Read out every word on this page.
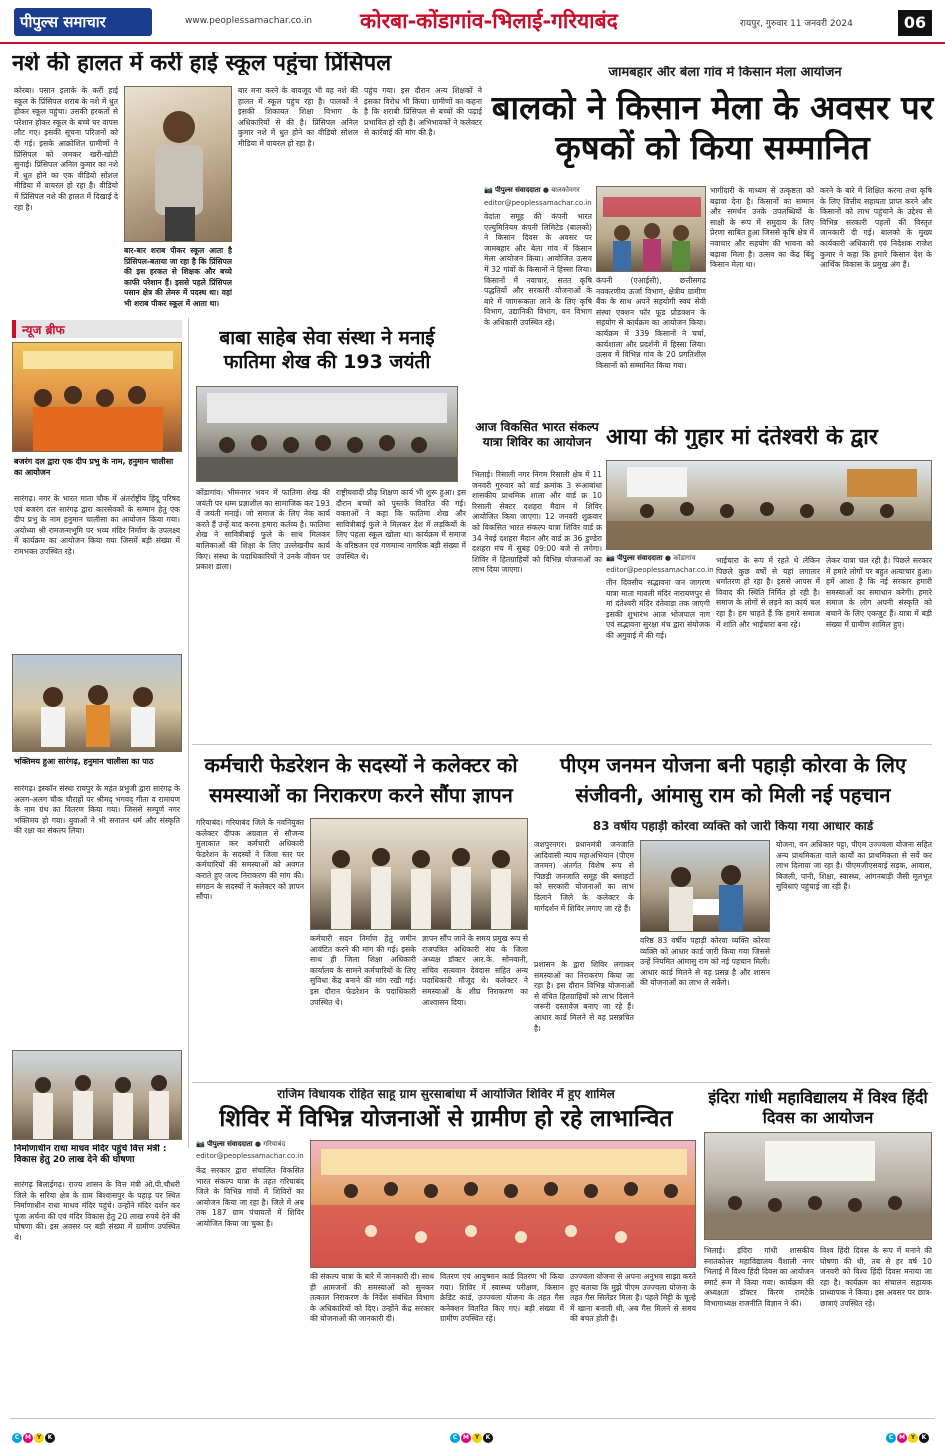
पीपुल्स समाचार	www.peoplessamachar.co.in कोरबा-कोंडागांव-भिलाई-गरियाबंद	रायपुर, गुरुवार 11 जनवरी 2024	06
नशे की हालत में कर्री हाई स्कूल पहुंचा प्रिंसिपल
कोरबा। पसान इलाके के कर्री हाई स्कूल के प्रिंसिपल शराब के नशे में धुत होकर स्कूल पहुंचा। उसकी हरकतों से परेशान होकर स्कूल के बच्चे घर वापस लौट गए। इसकी सूचना परिजनों को दी गई। इसके आक्रोशित ग्रामीणों ने प्रिंसिपल को जमकर खरी-खोटी सुनाई। प्रिंसिपल अनिल कुमार का नशे में धुत होने का एक वीडियो सोशल मीडिया में वायरल हो रहा है। वीडियो में प्रिंसिपल नशे की हालत में दिखाई दे रहा है।
बार-बार शराब पीकर स्कूल आता है प्रिंसिपल-बताया जा रहा है कि प्रिंसिपल की इस हरकत से शिक्षक और बच्चे काफी परेशान हैं। इससे पहले प्रिंसिपल पसान क्षेत्र की लेमरु में पदस्थ था। वहां भी शराब पीकर स्कूल में आता था।
बार मना करने के बावजूद भी वह नशे की हालत में स्कूल पहुंच रहा है। पालकों ने इसकी शिकायत शिक्षा विभाग के अधिकारियों से की है। प्रिंसिपल अनिल कुमार नशे में धुत होने का वीडियो सोशल मीडिया में वायरल हो रहा है।
पहुंच गया। इस दौरान अन्य शिक्षकों ने इसका विरोध भी किया। ग्रामीणों का कहना है कि शराबी प्रिंसिपल से बच्चों की पढ़ाई प्रभावित हो रही है। अभिभावकों ने कलेक्टर से कार्रवाई की मांग की है।
जामबहार और बेला गांव में किसान मेला आयोजन
बालको ने किसान मेला के अवसर पर कृषकों को किया सम्मानित
📷 पीपुल्स संवाददाता ● बालकोनगर
editor@peoplessamachar.co.in
वेदांता समूह की कंपनी भारत एल्युमिनियम कंपनी लिमिटेड (बालको) ने किसान दिवस के अवसर पर जामबहार और बेला गांव में किसान मेला आयोजन किया। आयोजित उत्सव में 32 गांवों के किसानों ने हिस्सा लिया। किसानों में नवाचार, सतत कृषि पद्धतियों और सरकारी योजनाओं के बारे में जागरूकता लाने के लिए कृषि विभाग, उद्यानिकी विभाग, वन विभाग के अधिकारी उपस्थित रहे।
कंपनी (एआईसी), छत्तीसगढ़ नवकरणीय ऊर्जा विभाग, क्षेत्रीय ग्रामीण बैंक के साथ अपने सहयोगी स्वयं सेवी संस्था एक्शन फॉर फूड प्रोडक्शन के सहयोग से कार्यक्रम का आयोजन किया। कार्यक्रम में 339 किसानों ने चर्चा, कार्यशाला और प्रदर्शनी में हिस्सा लिया। उत्सव में विभिन्न गांव के 20 प्रगतिशील किसानों को सम्मानित किया गया।
भागीदारी के माध्यम से उत्कृष्टता को बढ़ावा देना है। किसानों का सम्मान और समर्थन उनके उपलब्धियों के साक्षी के रूप में समुदाय के लिए प्रेरणा साबित हुआ जिससे कृषि क्षेत्र में नवाचार और सहयोग की भावना को बढ़ावा मिला है। उत्सव का केंद्र बिंदु किसान मेला था।
करने के बारे में शिक्षित करना तथा कृषि के लिए वित्तीय सहायता प्राप्त करने और किसानों को लाभ पहुंचाने के उद्देश्य से विभिन्न सरकारी पहलों की विस्तृत जानकारी दी गई। बालको के मुख्य कार्यकारी अधिकारी एवं निदेशक राजेश कुमार ने कहा कि हमारे किसान देश के आर्थिक विकास के प्रमुख अंग हैं।
न्यूज ब्रीफ
बजरंग दल द्वारा एक दीप प्रभु के नाम, हनुमान चालीसा का आयोजन
सारंगढ़। नगर के भारत माता चौक में अंतर्राष्ट्रीय हिंदू परिषद एवं बजरंग दल सारंगढ़ द्वारा कारसेवकों के सम्मान हेतु एक दीप प्रभु के नाम हनुमान चालीसा का आयोजन किया गया। अयोध्या श्री रामजन्मभूमि पर भव्य मंदिर निर्माण के उपलक्ष्य में कार्यक्रम का आयोजन किया गया जिसमें बड़ी संख्या में रामभक्त उपस्थित रहे।
भक्तिमय हुआ सारंगढ़, हनुमान चालीसा का पाठ
सारंगढ़। इस्कॉन संस्था रायपुर के महंत प्रभुजी द्वारा सारंगढ़ के अलग-अलग चौक चौराहों पर श्रीमद् भगवद् गीता व रामायण के नाम ग्रंथ का वितरण किया गया। जिससे सम्पूर्ण नगर भक्तिमय हो गया। युवाओं ने भी सनातन धर्म और संस्कृति की रक्षा का संकल्प लिया।
बाबा साहेब सेवा संस्था ने मनाई फातिमा शेख की 193 जयंती
कोंडागांव। भीमनगर भवन में फातिमा शेख की जयंती पर धम्म प्रज्ञाशील का सामाजिक कर 193 वें जयंती मनाई। जो समाज के लिए नेक कार्य करते हैं उन्हें याद करना हमारा कर्तव्य है। फातिमा शेख ने सावित्रीबाई फुले के साथ मिलकर बालिकाओं की शिक्षा के लिए उल्लेखनीय कार्य किए। संस्था के पदाधिकारियों ने उनके जीवन पर प्रकाश डाला।
राष्ट्रीयवादी प्रौढ़ शिक्षण कार्य भी शुरू हुआ। इस दौरान बच्चों को पुस्तकें वितरित की गई। वक्ताओं ने कहा कि फातिमा शेख और सावित्रीबाई फुले ने मिलकर देश में लड़कियों के लिए पहला स्कूल खोला था। कार्यक्रम में समाज के वरिष्ठजन एवं गणमान्य नागरिक बड़ी संख्या में उपस्थित थे।
आज विकसित भारत संकल्प यात्रा शिविर का आयोजन
भिलाई। रिसाली नगर निगम रिसाली क्षेत्र में 11 जनवरी गुरुवार को वार्ड क्रमांक 3 रूआबांधा शासकीय प्राथमिक शाला और वार्ड क्र 10 रिसाली सेक्टर दशहरा मैदान में शिविर आयोजित किया जाएगा। 12 जनवरी शुक्रवार को विकसित भारत संकल्प यात्रा शिविर वार्ड क्र 34 नेवई दशहरा मैदान और वार्ड क्र 36 डुण्डेरा दशहरा मंच में सुबह 09:00 बजे से लगेगा। शिविर में हितग्राहियों को विभिन्न योजनाओं का लाभ दिया जाएगा।
आया की गुहार मां दंतेश्वरी के द्वार
📷 पीपुल्स संवाददाता ● कोंडागांव
editor@peoplessamachar.co.in
तीन दिवसीय सद्भावना जन जागरण यात्रा माता मावली मंदिर नारायणपुर से मां दंतेश्वरी मंदिर दंतेवाड़ा तक जाएगी इसकी शुभारंभ आज भोजपाल नाग एवं सद्भावना सुरक्षा मंच द्वारा संयोजक की अगुवाई में की गई।
भाईचारा के रूप में रहते थे लेकिन पिछले कुछ वर्षों से यहां लगातार धर्मांतरण हो रहा है। इससे आपस में विवाद की स्थिति निर्मित हो रही है। समाज के लोगों से लड़ने का कार्य चल रहा है। हम चाहते हैं कि हमारे समाज में शांति और भाईचारा बना रहे।
लेकर यात्रा चल रही है। पिछले सरकार में हमारे लोगों पर बहुत अत्याचार हुआ। हमें आशा है कि नई सरकार हमारी समस्याओं का समाधान करेगी। हमारे समाज के लोग अपनी संस्कृति को बचाने के लिए एकजुट हैं। यात्रा में बड़ी संख्या में ग्रामीण शामिल हुए।
कर्मचारी फेडरेशन के सदस्यों ने कलेक्टर को समस्याओं का निराकरण करने सौंपा ज्ञापन
गरियाबंद। गरियाबंद जिले के नवनियुक्त कलेक्टर दीपक अग्रवाल से सौजन्य मुलाकात कर कर्मचारी अधिकारी फेडरेशन के सदस्यों ने जिला स्तर पर कर्मचारियों की समस्याओं को अवगत कराते हुए जल्द निराकरण की मांग की। संगठन के सदस्यों ने कलेक्टर को ज्ञापन सौंपा।
कर्मचारी सदन निर्माण हेतु जमीन आवंटित करने की मांग की गई। इसके साथ ही जिला शिक्षा अधिकारी कार्यालय के सामने कर्मचारियों के लिए सुविधा केंद्र बनाने की मांग रखी गई। इस दौरान फेडरेशन के पदाधिकारी उपस्थित थे।
ज्ञापन सौंप जाने के समय प्रमुख रूप से राजपत्रित अधिकारी संघ के जिला अध्यक्ष डॉक्टर आर.के. सोनवानी, सचिव सत्यवान देवदास सहित अन्य पदाधिकारी मौजूद थे। कलेक्टर ने समस्याओं के शीघ्र निराकरण का आश्वासन दिया।
पीएम जनमन योजना बनी पहाड़ी कोरवा के लिए संजीवनी, आंमासु राम को मिली नई पहचान
83 वर्षीय पहाड़ी कोरवा व्यक्ति को जारी किया गया आधार कार्ड
जशपुरनगर। प्रधानमंत्री जनजाति आदिवासी न्याय महाअभियान (पीएम जनमन) अंतर्गत विशेष रूप से पिछड़ी जनजाति समूह की बसाहटों को सरकारी योजनाओं का लाभ दिलाने जिले के कलेक्टर के मार्गदर्शन में शिविर लगाए जा रहे हैं।
प्रशासन के द्वारा शिविर लगाकर समस्याओं का निराकरण किया जा रहा है। इस दौरान विभिन्न योजनाओं से वंचित हितग्राहियों को लाभ दिलाने जरूरी दस्तावेज बनाए जा रहे हैं। आधार कार्ड मिलने से वह प्रसन्नचित है।
वरिष्ठ 83 वर्षीय पहाड़ी कोरवा व्यक्ति कोरवा व्यक्ति को आधार कार्ड जारी किया गया जिससे उन्हें नियमित आंमासु राम को नई पहचान मिली। आधार कार्ड मिलने से वह प्रसन्न है और शासन की योजनाओं का लाभ ले सकेंगे।
योजना, वन अधिकार पट्टा, पीएम उज्ज्वला योजना सहित अन्य प्राथमिकता वाले कार्यों का प्राथमिकता से सर्वे कर लाभ दिलाया जा रहा है। पीएमजीएसवाई सड़क, आवास, बिजली, पानी, शिक्षा, स्वास्थ्य, आंगनबाड़ी जैसी मूलभूत सुविधाएं पहुंचाई जा रही हैं।
राजिम विधायक रोहित साहू ग्राम सुरसाबांधा में आयोजित शिविर में हुए शामिल
शिविर में विभिन्न योजनाओं से ग्रामीण हो रहे लाभान्वित
📷 पीपुल्स संवाददाता ● गरियाबंद
editor@peoplessamachar.co.in
केंद्र सरकार द्वारा संचालित विकसित भारत संकल्प यात्रा के तहत गरियाबंद जिले के विभिन्न गांवों में शिविरों का आयोजन किया जा रहा है। जिले में अब तक 187 ग्राम पंचायतों में शिविर आयोजित किया जा चुका है।
की संकल्प यात्रा के बारे में जानकारी दी। साथ ही आमजनों की समस्याओं को सुनकर तत्काल निराकरण के निर्देश संबंधित विभाग के अधिकारियों को दिए। उन्होंने केंद्र सरकार की योजनाओं की जानकारी दी।
वितरण एवं आयुष्मान कार्ड वितरण भी किया गया। शिविर में स्वास्थ्य परीक्षण, किसान क्रेडिट कार्ड, उज्ज्वला योजना के तहत गैस कनेक्शन वितरित किए गए। बड़ी संख्या में ग्रामीण उपस्थित रहे।
उज्ज्वला योजना से अपना अनुभव साझा करते हुए बताया कि मुझे पीएम उज्ज्वला योजना के तहत गैस सिलेंडर मिला है। पहले मिट्टी के चूल्हे में खाना बनाती थी, अब गैस मिलने से समय की बचत होती है।
निर्माणाधीन राधा माधव मंदिर पहुंचे वित्त मंत्री : विकास हेतु 20 लाख देने की घोषणा
सारंगढ़ बिलाईगढ़। राज्य शासन के वित्त मंत्री ओ.पी.चौधरी जिले के सरिया क्षेत्र के ग्राम बिश्वासपुर के पहाड़ पर स्थित निर्माणाधीन राधा माधव मंदिर पहुंचे। उन्होंने मंदिर दर्शन कर पूजा अर्चना की एवं मंदिर विकास हेतु 20 लाख रुपये देने की घोषणा की। इस अवसर पर बड़ी संख्या में ग्रामीण उपस्थित थे।
इंदिरा गांधी महाविद्यालय में विश्व हिंदी दिवस का आयोजन
भिलाई। इंदिरा गांधी शासकीय स्नातकोत्तर महाविद्यालय वैशाली नगर भिलाई में विश्व हिंदी दिवस का आयोजन स्मार्ट रूम में किया गया। कार्यक्रम की अध्यक्षता डॉक्टर किरण रामटेके विभागाध्यक्ष राजनीति विज्ञान ने की।
विश्व हिंदी दिवस के रूप में मनाने की घोषणा की थी, तब से हर वर्ष 10 जनवरी को विश्व हिंदी दिवस मनाया जा रहा है। कार्यक्रम का संचालन सहायक प्राध्यापक ने किया। इस अवसर पर छात्र-छात्राएं उपस्थित रहे।
C M Y K	C M Y K	C M Y K
